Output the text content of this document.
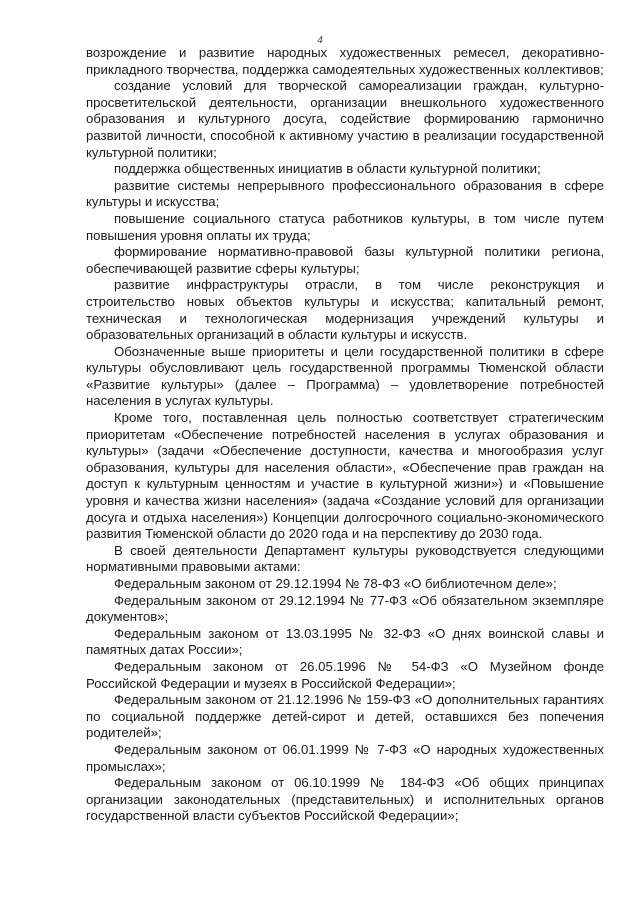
4

возрождение и развитие народных художественных ремесел, декоративно-прикладного творчества, поддержка самодеятельных художественных коллективов;

создание условий для творческой самореализации граждан, культурно-просветительской деятельности, организации внешкольного художественного образования и культурного досуга, содействие формированию гармонично развитой личности, способной к активному участию в реализации государственной культурной политики;

поддержка общественных инициатив в области культурной политики;

развитие системы непрерывного профессионального образования в сфере культуры и искусства;

повышение социального статуса работников культуры, в том числе путем повышения уровня оплаты их труда;

формирование нормативно-правовой базы культурной политики региона, обеспечивающей развитие сферы культуры;

развитие инфраструктуры отрасли, в том числе реконструкция и строительство новых объектов культуры и искусства; капитальный ремонт, техническая и технологическая модернизация учреждений культуры и образовательных организаций в области культуры и искусств.

Обозначенные выше приоритеты и цели государственной политики в сфере культуры обусловливают цель государственной программы Тюменской области «Развитие культуры» (далее – Программа) – удовлетворение потребностей населения в услугах культуры.

Кроме того, поставленная цель полностью соответствует стратегическим приоритетам «Обеспечение потребностей населения в услугах образования и культуры» (задачи «Обеспечение доступности, качества и многообразия услуг образования, культуры для населения области», «Обеспечение прав граждан на доступ к культурным ценностям и участие в культурной жизни») и «Повышение уровня и качества жизни населения» (задача «Создание условий для организации досуга и отдыха населения») Концепции долгосрочного социально-экономического развития Тюменской области до 2020 года и на перспективу до 2030 года.

В своей деятельности Департамент культуры руководствуется следующими нормативными правовыми актами:

Федеральным законом от 29.12.1994 № 78-ФЗ «О библиотечном деле»;

Федеральным законом от 29.12.1994 № 77-ФЗ «Об обязательном экземпляре документов»;

Федеральным законом от 13.03.1995 № 32-ФЗ «О днях воинской славы и памятных датах России»;

Федеральным законом от 26.05.1996 № 54-ФЗ «О Музейном фонде Российской Федерации и музеях в Российской Федерации»;

Федеральным законом от 21.12.1996 № 159-ФЗ «О дополнительных гарантиях по социальной поддержке детей-сирот и детей, оставшихся без попечения родителей»;

Федеральным законом от 06.01.1999 № 7-ФЗ «О народных художественных промыслах»;

Федеральным законом от 06.10.1999 № 184-ФЗ «Об общих принципах организации законодательных (представительных) и исполнительных органов государственной власти субъектов Российской Федерации»;
